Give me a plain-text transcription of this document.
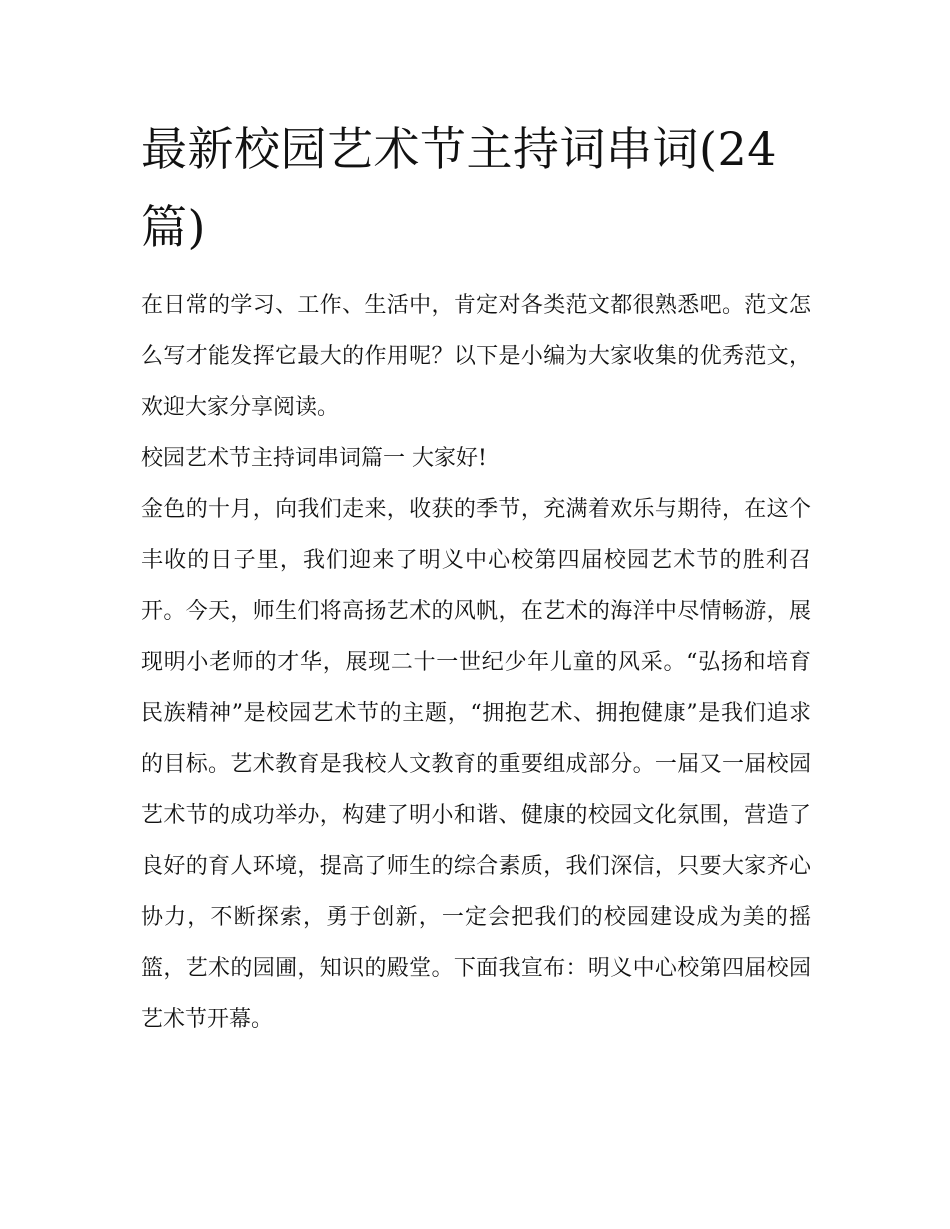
最新校园艺术节主持词串词(24篇)

在日常的学习、工作、生活中，肯定对各类范文都很熟悉吧。范文怎么写才能发挥它最大的作用呢？以下是小编为大家收集的优秀范文，欢迎大家分享阅读。

校园艺术节主持词串词篇一 大家好!

金色的十月，向我们走来，收获的季节，充满着欢乐与期待，在这个丰收的日子里，我们迎来了明义中心校第四届校园艺术节的胜利召开。今天，师生们将高扬艺术的风帆，在艺术的海洋中尽情畅游，展现明小老师的才华，展现二十一世纪少年儿童的风采。“弘扬和培育民族精神”是校园艺术节的主题，“拥抱艺术、拥抱健康”是我们追求的目标。艺术教育是我校人文教育的重要组成部分。一届又一届校园艺术节的成功举办，构建了明小和谐、健康的校园文化氛围，营造了良好的育人环境，提高了师生的综合素质，我们深信，只要大家齐心协力，不断探索，勇于创新，一定会把我们的校园建设成为美的摇篮，艺术的园圃，知识的殿堂。下面我宣布：明义中心校第四届校园艺术节开幕。
